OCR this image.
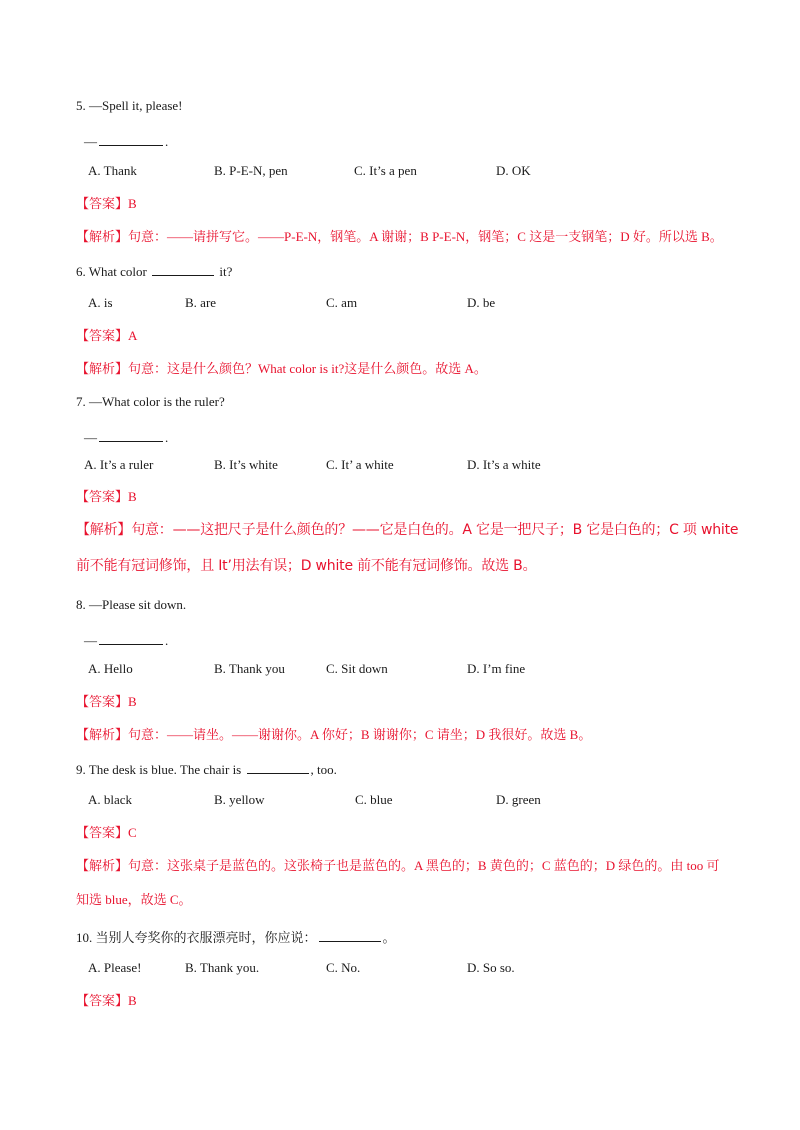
5. —Spell it, please!
—	.
A. Thank	B. P-E-N, pen	C. It’s a pen	D. OK
【答案】B
【解析】句意：——请拼写它。——P-E-N，钢笔。A 谢谢；B P-E-N，钢笔；C 这是一支钢笔；D 好。所以选 B。
6. What color	it?
A. is	B. are	C. am	D. be
【答案】A
【解析】句意：这是什么颜色？What color is it?这是什么颜色。故选 A。
7. —What color is the ruler?
—	.
A. It’s a ruler	B. It’s white	C. It’ a white	D. It’s a white
【答案】B
【解析】句意：——这把尺子是什么颜色的？——它是白色的。A 它是一把尺子；B 它是白色的；C 项 white
前不能有冠词修饰，且 It’用法有误；D white 前不能有冠词修饰。故选 B。
8. —Please sit down.
—	.
A. Hello	B. Thank you	C. Sit down	D. I’m fine
【答案】B
【解析】句意：——请坐。——谢谢你。A 你好；B 谢谢你；C 请坐；D 我很好。故选 B。
9. The desk is blue. The chair is	, too.
A. black	B. yellow	C. blue	D. green
【答案】C
【解析】句意：这张桌子是蓝色的。这张椅子也是蓝色的。A 黑色的；B 黄色的；C 蓝色的；D 绿色的。由 too 可
知选 blue，故选 C。
10. 当别人夸奖你的衣服漂亮时，你应说：	。
A. Please!	B. Thank you.	C. No.	D. So so.
【答案】B
